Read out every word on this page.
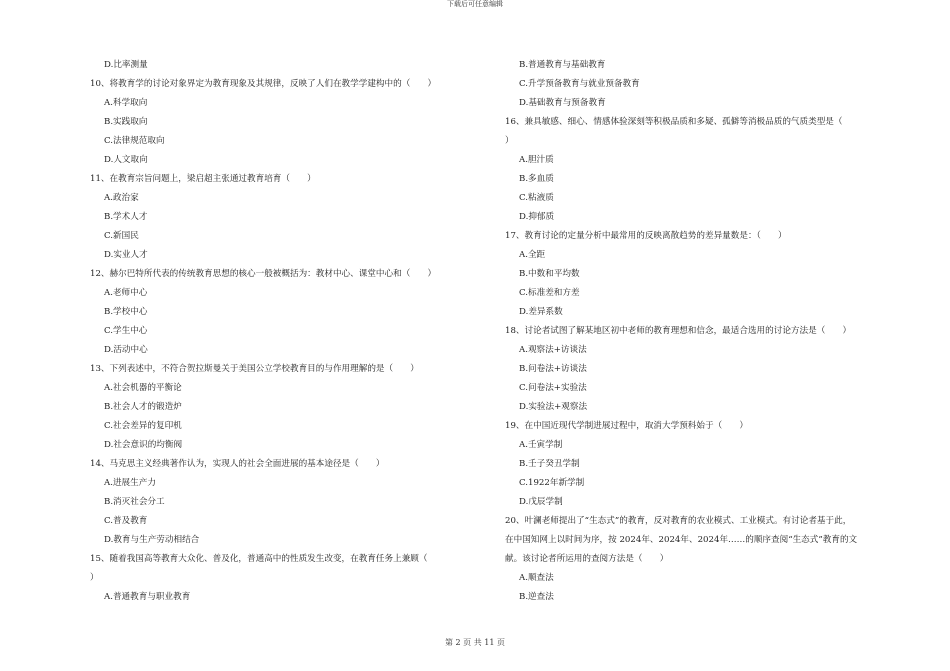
下载后可任意编辑
D.比率测量
10、将教育学的讨论对象界定为教育现象及其规律，反映了人们在教学学建构中的（　　）
A.科学取向
B.实践取向
C.法律规范取向
D.人文取向
11、在教育宗旨问题上，梁启超主张通过教育培育（　　）
A.政治家
B.学术人才
C.新国民
D.实业人才
12、赫尔巴特所代表的传统教育思想的核心一般被概括为：教材中心、课堂中心和（　　）
A.老师中心
B.学校中心
C.学生中心
D.活动中心
13、下列表述中，不符合贺拉斯曼关于美国公立学校教育目的与作用理解的是（　　）
A.社会机器的平衡论
B.社会人才的锻造炉
C.社会差异的复印机
D.社会意识的均衡阀
14、马克思主义经典著作认为，实现人的社会全面进展的基本途径是（　　）
A.进展生产力
B.消灭社会分工
C.普及教育
D.教育与生产劳动相结合
15、随着我国高等教育大众化、普及化，普通高中的性质发生改变，在教育任务上兼顾（
）
A.普通教育与职业教育
B.普通教育与基础教育
C.升学预备教育与就业预备教育
D.基础教育与预备教育
16、兼具敏感、细心、情感体验深刻等积极品质和多疑、孤僻等消极品质的气质类型是（
）
A.胆汁质
B.多血质
C.粘液质
D.抑郁质
17、教育讨论的定量分析中最常用的反映离散趋势的差异量数是：（　　）
A.全距
B.中数和平均数
C.标准差和方差
D.差异系数
18、讨论者试图了解某地区初中老师的教育理想和信念，最适合选用的讨论方法是（　　）
A.观察法+访谈法
B.问卷法+访谈法
C.问卷法+实验法
D.实验法+观察法
19、在中国近现代学制进展过程中，取消大学预科始于（　　）
A.壬寅学制
B.壬子癸丑学制
C.1922年新学制
D.戊辰学制
20、叶澜老师提出了“生态式”的教育，反对教育的农业模式、工业模式。有讨论者基于此，
在中国知网上以时间为序，按 2024年、2024年、2024年……的顺序查阅“生态式”教育的文
献。该讨论者所运用的查阅方法是（　　）
A.顺查法
B.逆查法
第 2 页 共 11 页
